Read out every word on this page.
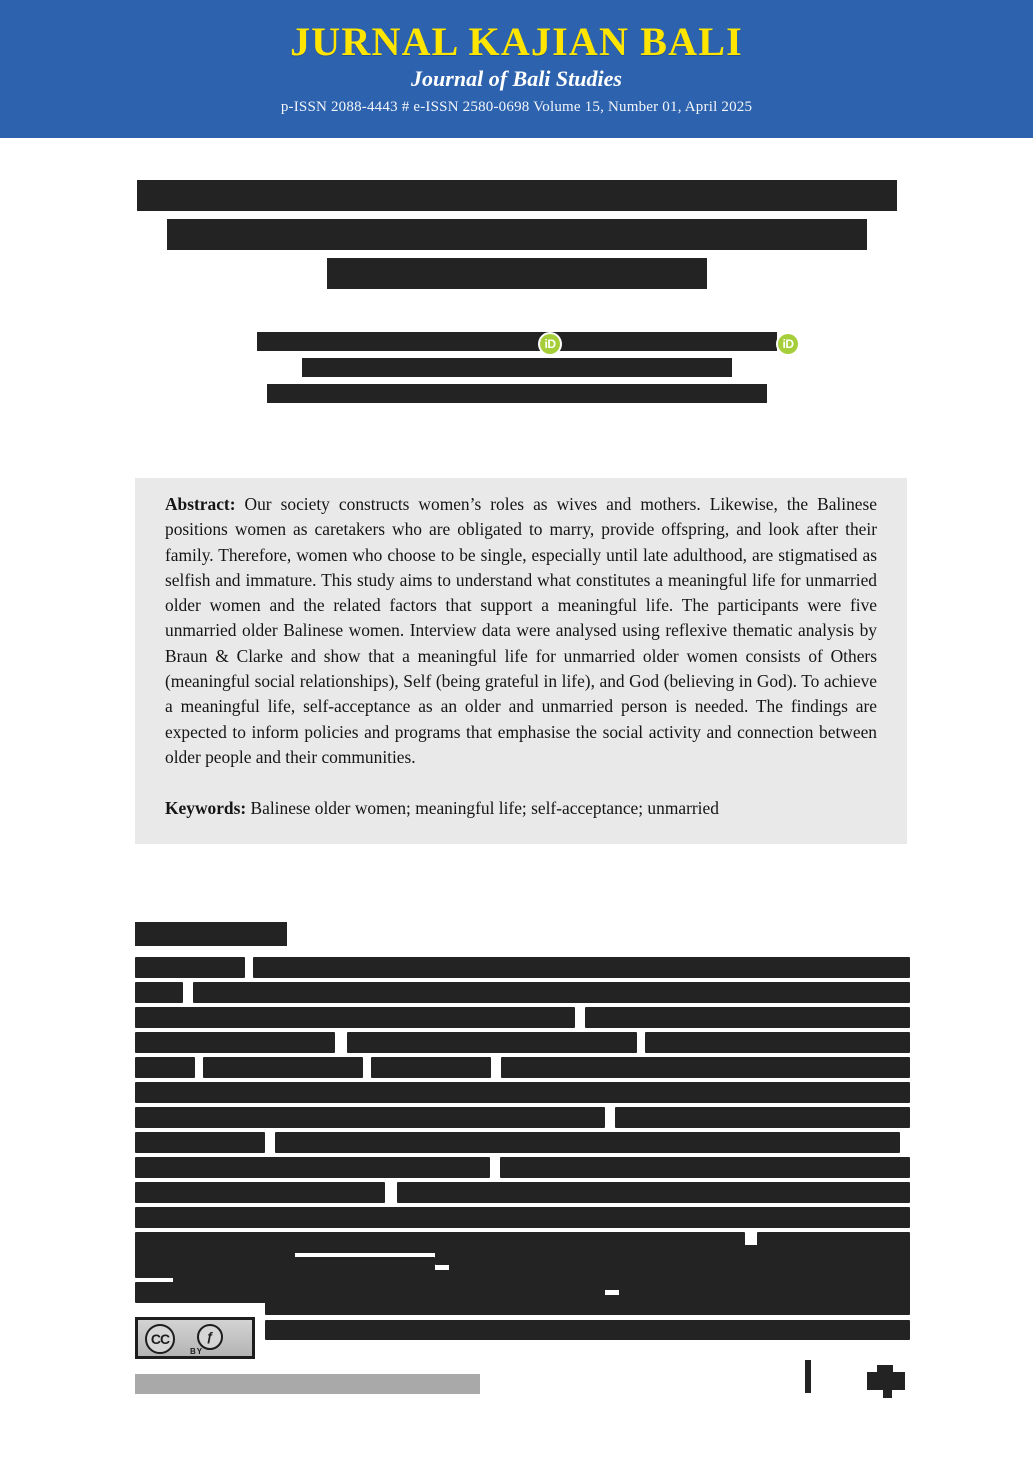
JURNAL KAJIAN BALI
Journal of Bali Studies
p-ISSN 2088-4443 # e-ISSN 2580-0698 Volume 15, Number 01, April 2025
iD	iD

Abstract: Our society constructs women’s roles as wives and mothers. Likewise, the Balinese positions women as caretakers who are obligated to marry, provide offspring, and look after their family. Therefore, women who choose to be single, especially until late adulthood, are stigmatised as selfish and immature. This study aims to understand what constitutes a meaningful life for unmarried older women and the related factors that support a meaningful life. The participants were five unmarried older Balinese women. Interview data were analysed using reflexive thematic analysis by Braun & Clarke and show that a meaningful life for unmarried older women consists of Others (meaningful social relationships), Self (being grateful in life), and God (believing in God). To achieve a meaningful life, self-acceptance as an older and unmarried person is needed. The findings are expected to inform policies and programs that emphasise the social activity and connection between older people and their communities.

Keywords: Balinese older women; meaningful life; self-acceptance; unmarried

CC	ƒ
BY
